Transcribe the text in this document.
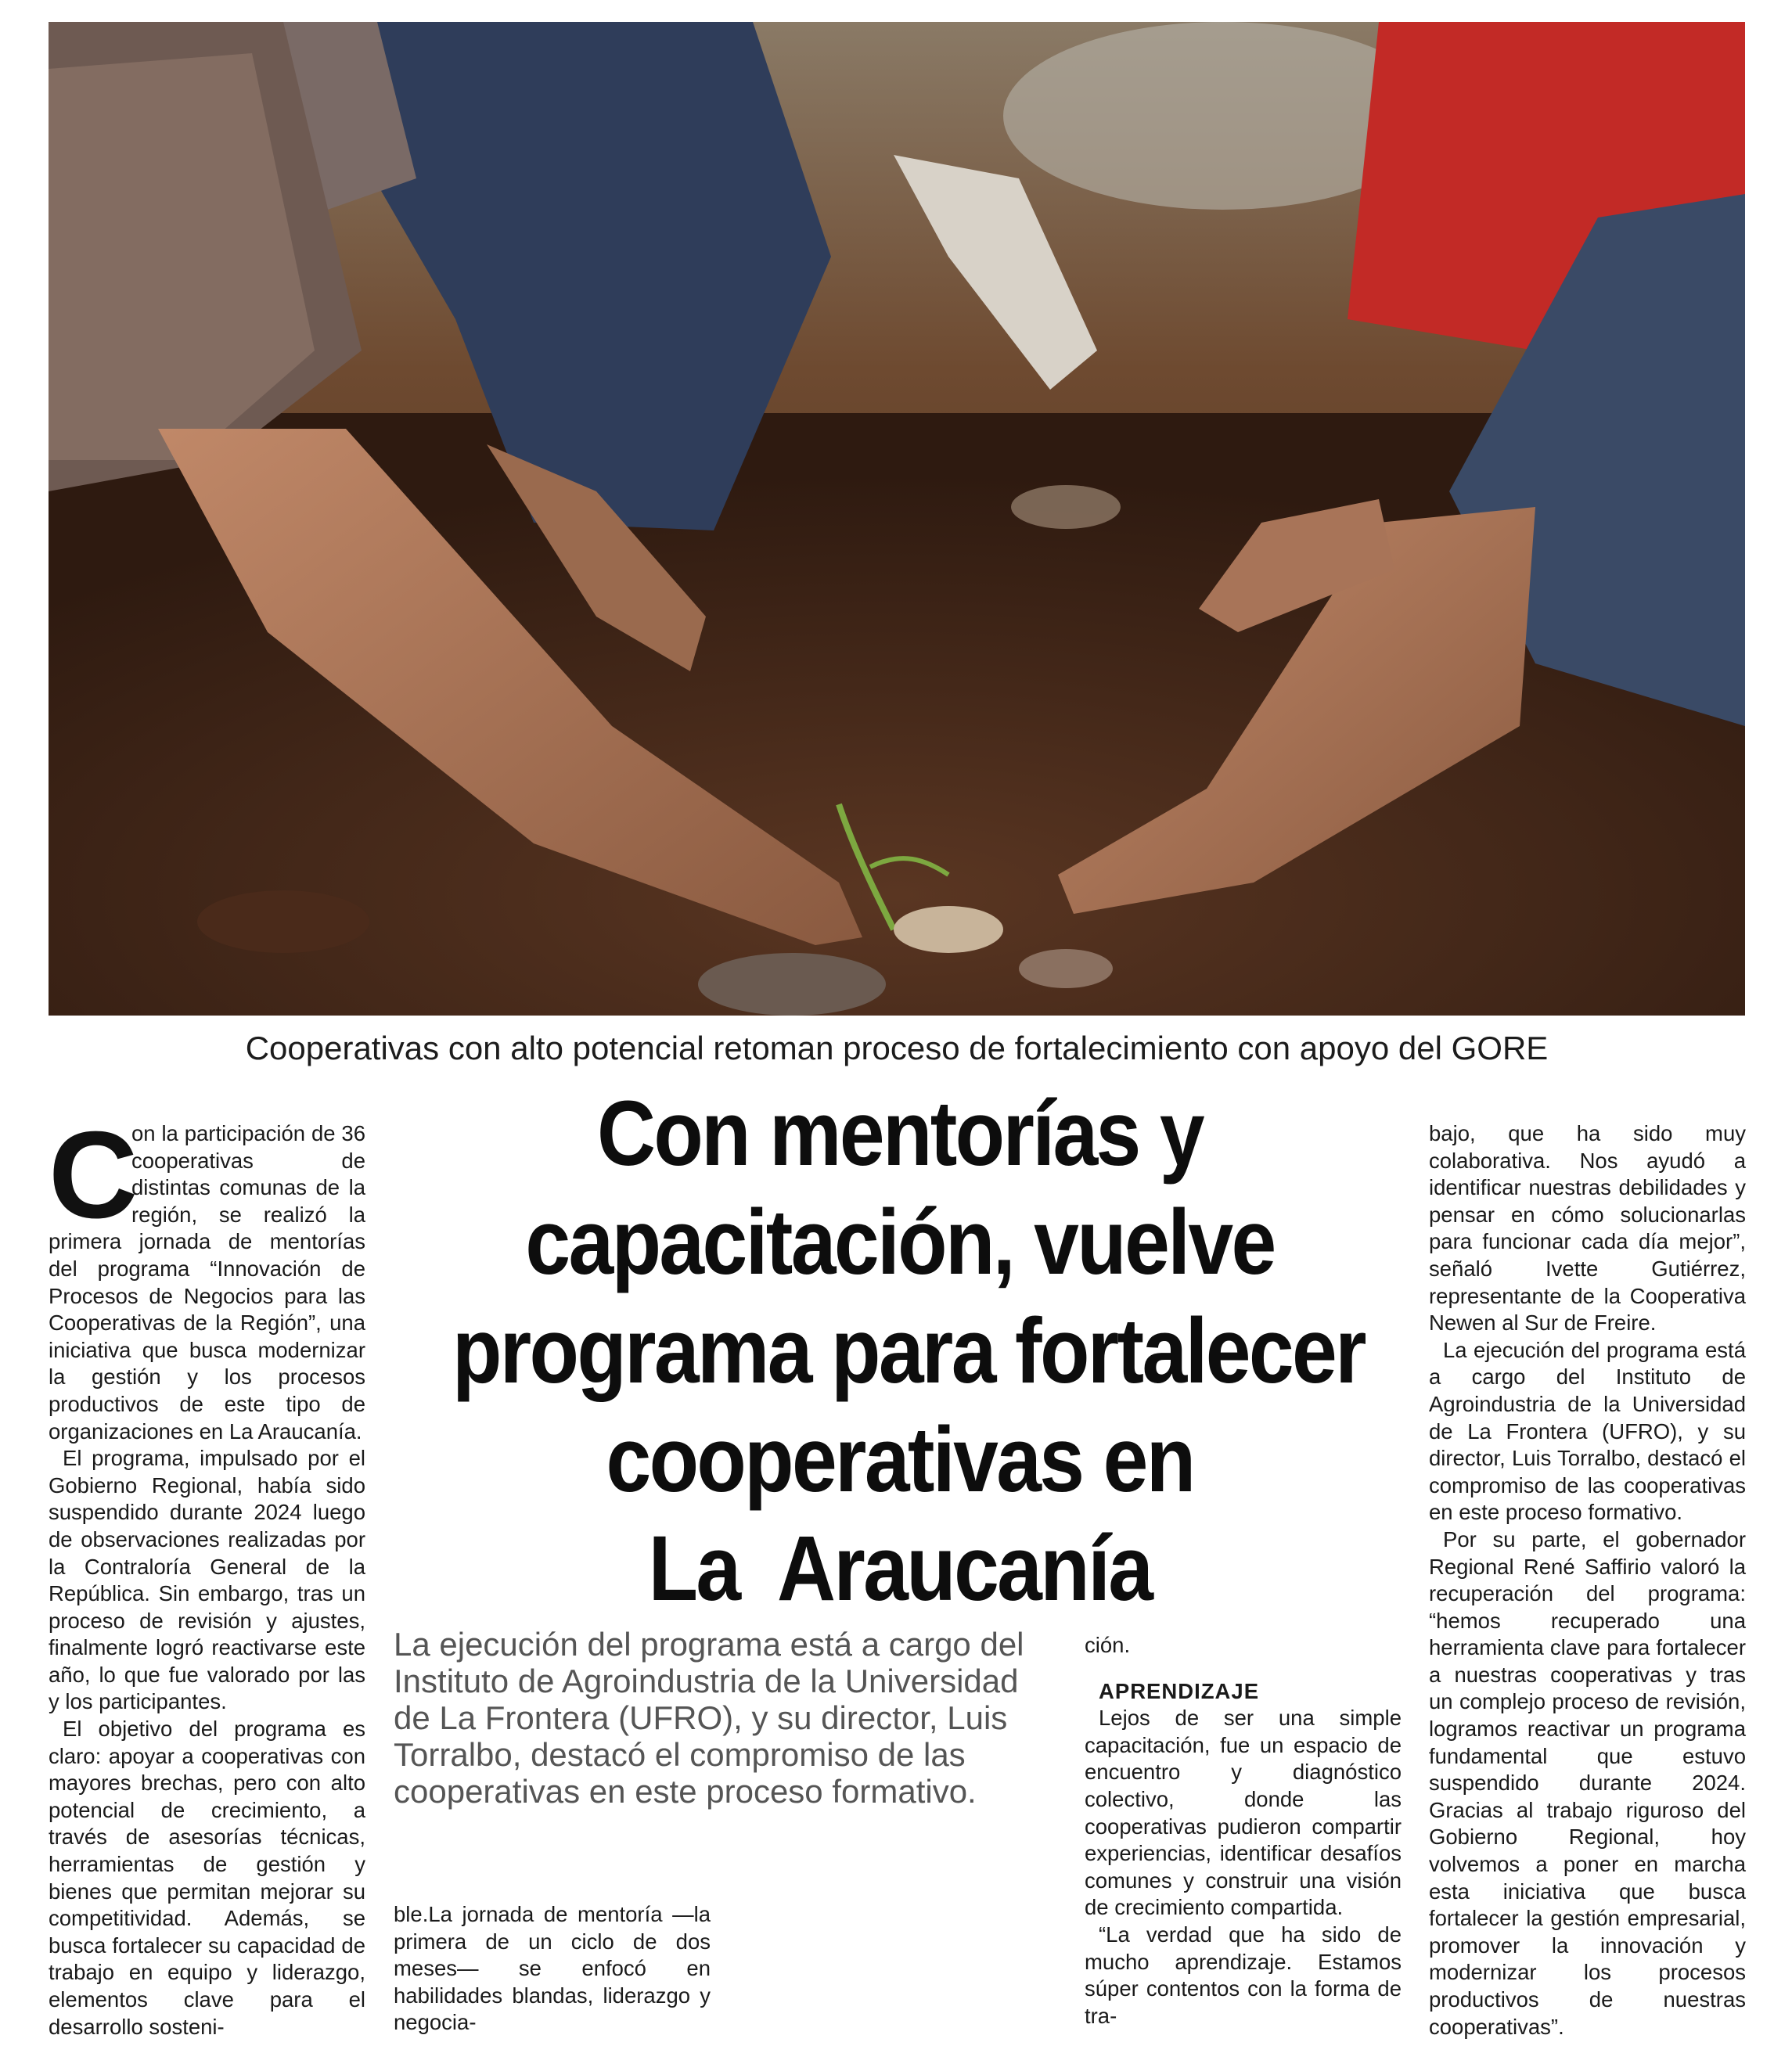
Cooperativas con alto potencial retoman proceso de fortalecimiento con apoyo del GORE
C

on la participación de 36 cooperativas de distintas comunas de la región, se realizó la primera jornada de mentorías del programa “Innovación de Procesos de Negocios para las Cooperativas de la Región”, una iniciativa que busca modernizar la gestión y los procesos productivos de este tipo de organizaciones en La Araucanía.

El programa, impulsado por el Gobierno Regional, había sido suspendido durante 2024 luego de observaciones realizadas por la Contraloría General de la República. Sin embargo, tras un proceso de revisión y ajustes, finalmente logró reactivarse este año, lo que fue valorado por las y los participantes.

El objetivo del programa es claro: apoyar a cooperativas con mayores brechas, pero con alto potencial de crecimiento, a través de asesorías técnicas, herramientas de gestión y bienes que permitan mejorar su competitividad. Además, se busca fortalecer su capacidad de trabajo en equipo y liderazgo, elementos clave para el desarrollo sosteni-

Con mentorías y
capacitación, vuelve
programa para fortalecer
cooperativas en
La  Araucanía
La ejecución del programa está a cargo del Instituto de Agroindustria de la Universidad de La Frontera (UFRO), y su director, Luis Torralbo, destacó el compromiso de las cooperativas en este proceso formativo.

ble.La jornada de mentoría —la primera de un ciclo de dos meses— se enfocó en habilidades blandas, liderazgo y negocia-

ción.

APRENDIZAJE

Lejos de ser una simple capacitación, fue un espacio de encuentro y diagnóstico colectivo, donde las cooperativas pudieron compartir experiencias, identificar desafíos comunes y construir una visión de crecimiento compartida.

“La verdad que ha sido de mucho aprendizaje. Estamos súper contentos con la forma de tra-

bajo, que ha sido muy colaborativa. Nos ayudó a identificar nuestras debilidades y pensar en cómo solucionarlas para funcionar cada día mejor”, señaló Ivette Gutiérrez, representante de la Cooperativa Newen al Sur de Freire.

La ejecución del programa está a cargo del Instituto de Agroindustria de la Universidad de La Frontera (UFRO), y su director, Luis Torralbo, destacó el compromiso de las cooperativas en este proceso formativo.

Por su parte, el gobernador Regional René Saffirio valoró la recuperación del programa: “hemos recuperado una herramienta clave para fortalecer a nuestras cooperativas y tras un complejo proceso de revisión, logramos reactivar un programa fundamental que estuvo suspendido durante 2024. Gracias al trabajo riguroso del Gobierno Regional, hoy volvemos a poner en marcha esta iniciativa que busca fortalecer la gestión empresarial, promover la innovación y modernizar los procesos productivos de nuestras cooperativas”.
